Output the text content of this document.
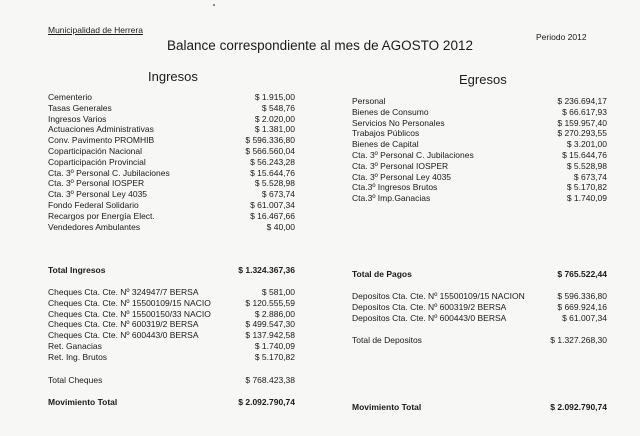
Municipalidad de Herrera
Periodo 2012
Balance correspondiente al mes de AGOSTO 2012
Ingresos	Egresos
Cementerio	$ 1.915,00
Tasas Generales	$ 548,76
Ingresos Varios	$ 2.020,00
Actuaciones Administrativas	$ 1.381,00
Conv. Pavimento PROMHIB	$ 596.336,80
Coparticipación Nacional	$ 566.560,04
Coparticipación Provincial	$ 56.243,28
Cta. 3º Personal C. Jubilaciones	$ 15.644,76
Cta. 3º Personal IOSPER	$ 5.528,98
Cta. 3º Personal Ley 4035	$ 673,74
Fondo Federal Solidario	$ 61.007,34
Recargos por Energía Elect.	$ 16.467,66
Vendedores Ambulantes	$ 40,00
Total Ingresos	$ 1.324.367,36
Cheques Cta. Cte. Nº 324947/7 BERSA	$ 581,00
Cheques Cta. Cte. Nº 15500109/15 NACIO	$ 120.555,59
Cheques Cta. Cte. Nº 15500150/33 NACIO	$ 2.886,00
Cheques Cta. Cte. Nº 600319/2 BERSA	$ 499.547,30
Cheques Cta. Cte. Nº 600443/0 BERSA	$ 137.942,58
Ret. Ganacias	$ 1.740,09
Ret. Ing. Brutos	$ 5.170,82
Total Cheques	$ 768.423,38
Movimiento Total	$ 2.092.790,74
Personal	$ 236.694,17
Bienes de Consumo	$ 66.617,93
Servicios No Personales	$ 159.957,40
Trabajos Públicos	$ 270.293,55
Bienes de Capital	$ 3.201,00
Cta. 3º Personal C. Jubilaciones	$ 15.644,76
Cta. 3º Personal IOSPER	$ 5.528,98
Cta. 3º Personal Ley 4035	$ 673,74
Cta.3º Ingresos Brutos	$ 5.170,82
Cta.3º Imp.Ganacias	$ 1.740,09
Total de Pagos	$ 765.522,44
Depositos Cta. Cte. Nº 15500109/15 NACION	$ 596.336,80
Depositos Cta. Cte. Nº 600319/2 BERSA	$ 669.924,16
Depositos Cta. Cte. Nº 600443/0 BERSA	$ 61.007,34
Total de Depositos	$ 1.327.268,30
Movimiento Total	$ 2.092.790,74
